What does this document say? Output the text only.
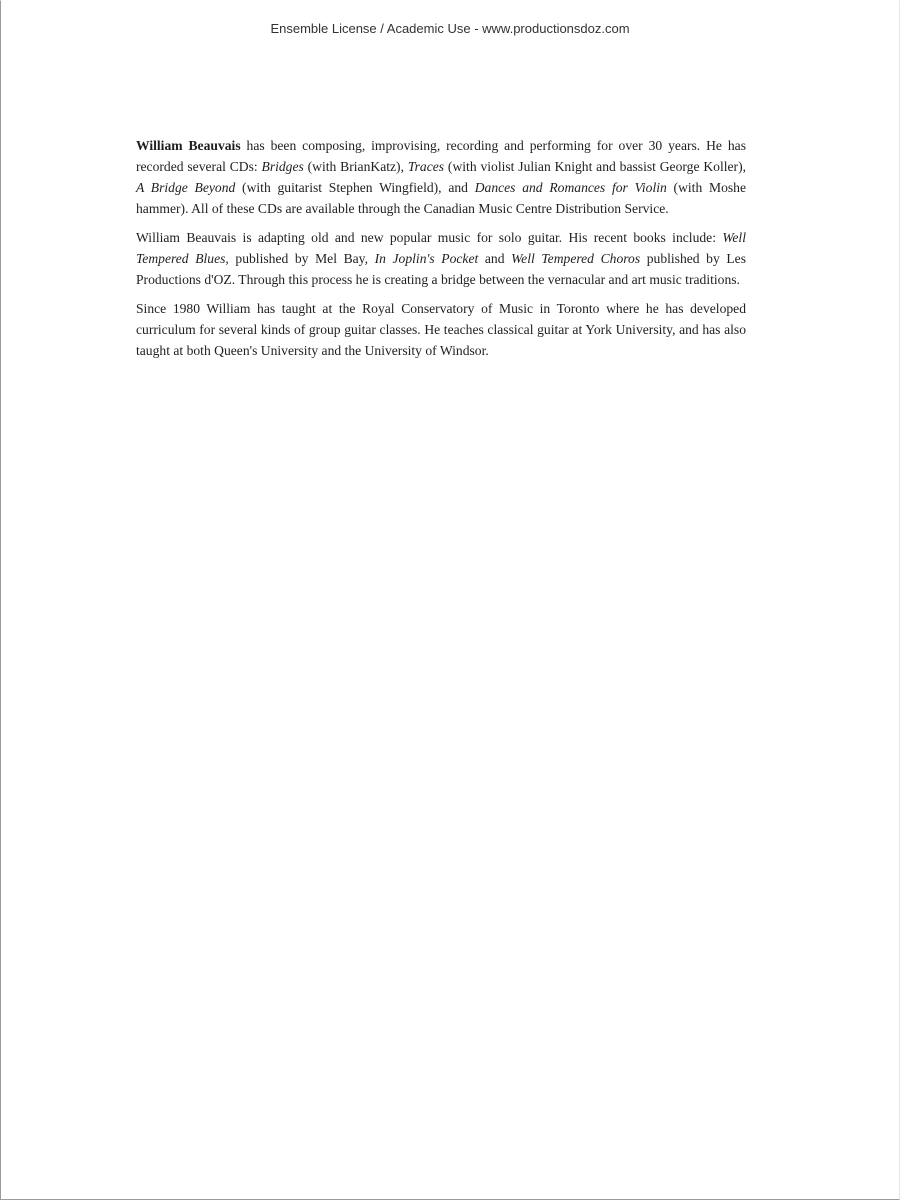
Ensemble License / Academic Use - www.productionsdoz.com

William Beauvais has been composing, improvising, recording and performing for over 30 years. He has recorded several CDs: Bridges (with BrianKatz), Traces (with violist Julian Knight and bassist George Koller), A Bridge Beyond (with guitarist Stephen Wingfield), and Dances and Romances for Violin (with Moshe hammer). All of these CDs are available through the Canadian Music Centre Distribution Service.

William Beauvais is adapting old and new popular music for solo guitar. His recent books include: Well Tempered Blues, published by Mel Bay, In Joplin's Pocket and Well Tempered Choros published by Les Productions d'OZ. Through this process he is creating a bridge between the vernacular and art music traditions.

Since 1980 William has taught at the Royal Conservatory of Music in Toronto where he has developed curriculum for several kinds of group guitar classes. He teaches classical guitar at York University, and has also taught at both Queen's University and the University of Windsor.
